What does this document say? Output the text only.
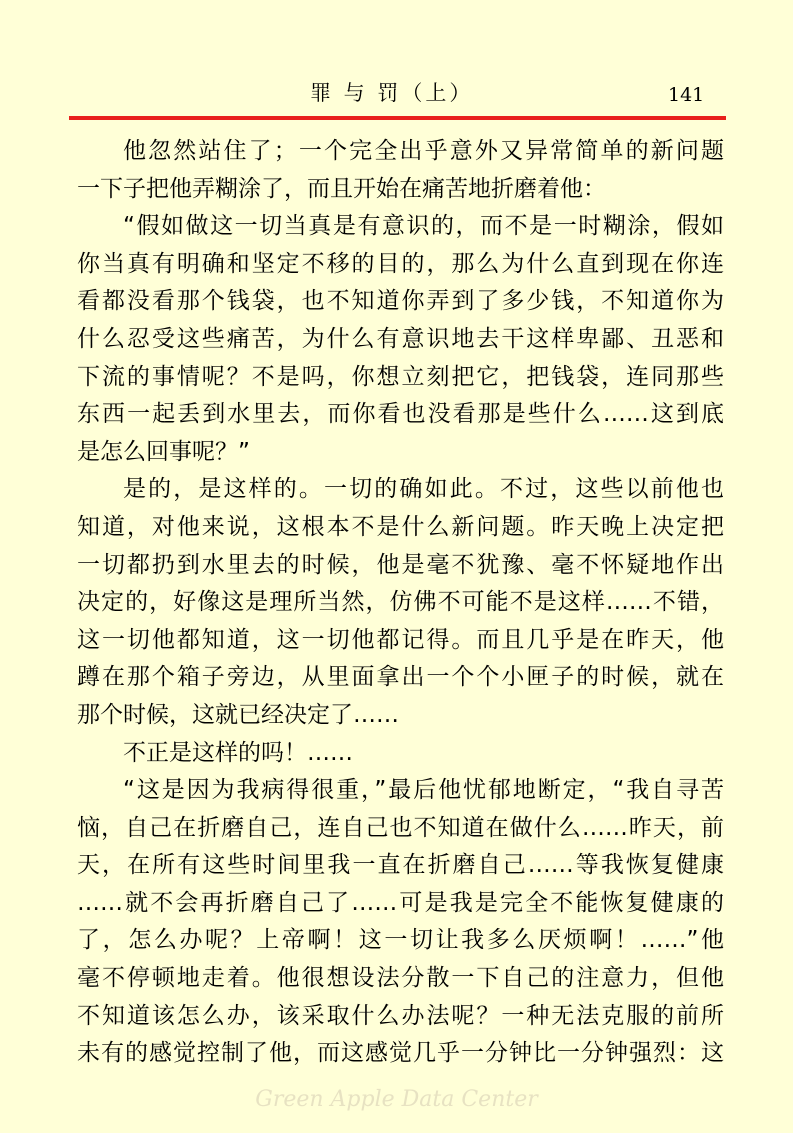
罪 与 罚（上）	141

他忽然站住了；一个完全出乎意外又异常简单的新问题

一下子把他弄糊涂了，而且开始在痛苦地折磨着他：

“假如做这一切当真是有意识的，而不是一时糊涂，假如

你当真有明确和坚定不移的目的，那么为什么直到现在你连

看都没看那个钱袋，也不知道你弄到了多少钱，不知道你为

什么忍受这些痛苦，为什么有意识地去干这样卑鄙、丑恶和

下流的事情呢？不是吗，你想立刻把它，把钱袋，连同那些

东西一起丢到水里去，而你看也没看那是些什么……这到底

是怎么回事呢？”

是的，是这样的。一切的确如此。不过，这些以前他也

知道，对他来说，这根本不是什么新问题。昨天晚上决定把

一切都扔到水里去的时候，他是毫不犹豫、毫不怀疑地作出

决定的，好像这是理所当然，仿佛不可能不是这样……不错，

这一切他都知道，这一切他都记得。而且几乎是在昨天，他

蹲在那个箱子旁边，从里面拿出一个个小匣子的时候，就在

那个时候，这就已经决定了……

不正是这样的吗！……

“这是因为我病得很重，”最后他忧郁地断定，“我自寻苦

恼，自己在折磨自己，连自己也不知道在做什么……昨天，前

天，在所有这些时间里我一直在折磨自己……等我恢复健康

……就不会再折磨自己了……可是我是完全不能恢复健康的

了，怎么办呢？上帝啊！这一切让我多么厌烦啊！……”他

毫不停顿地走着。他很想设法分散一下自己的注意力，但他

不知道该怎么办，该采取什么办法呢？一种无法克服的前所

未有的感觉控制了他，而这感觉几乎一分钟比一分钟强烈：这

Green Apple Data Center
